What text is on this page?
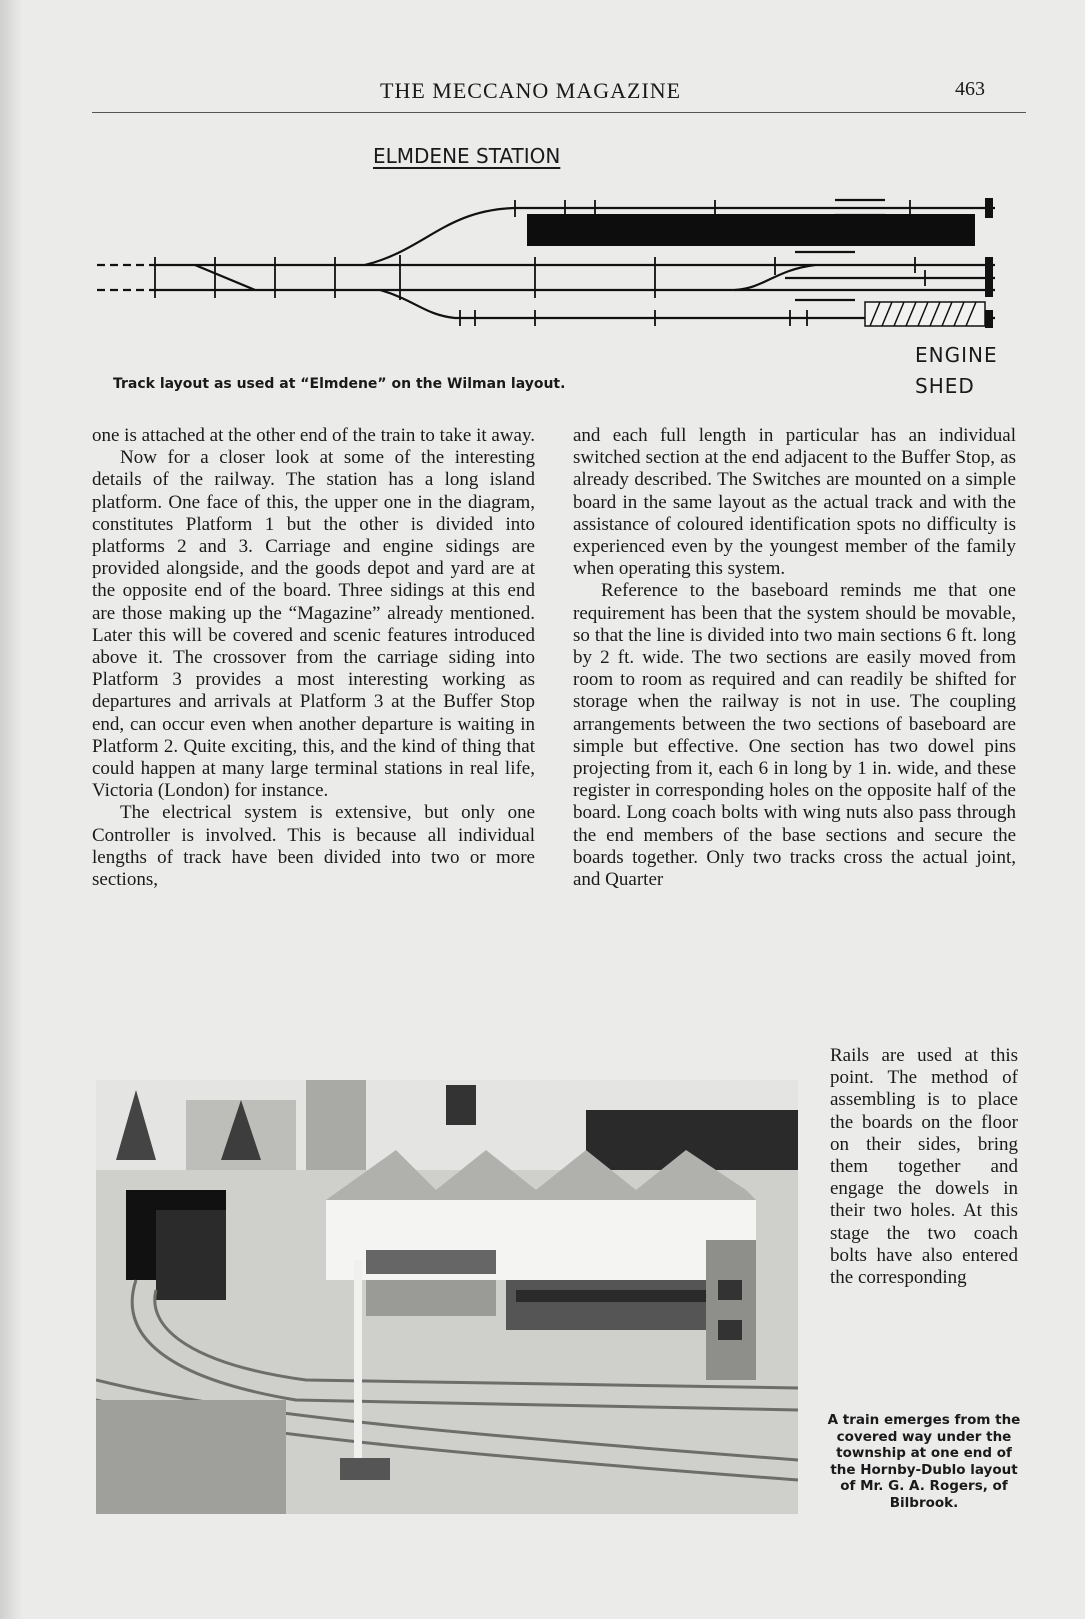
THE MECCANO MAGAZINE	463
ELMDENE STATION
ENGINE
SHED
Track layout as used at “Elmdene” on the Wilman layout.

one is attached at the other end of the train to take it away.

Now for a closer look at some of the interesting details of the railway. The station has a long island platform. One face of this, the upper one in the diagram, constitutes Platform 1 but the other is divided into platforms 2 and 3. Carriage and engine sidings are provided alongside, and the goods depot and yard are at the opposite end of the board. Three sidings at this end are those making up the “Magazine” already mentioned. Later this will be covered and scenic features introduced above it. The crossover from the carriage siding into Platform 3 provides a most interesting working as departures and arrivals at Platform 3 at the Buffer Stop end, can occur even when another departure is waiting in Platform 2. Quite exciting, this, and the kind of thing that could happen at many large terminal stations in real life, Victoria (London) for instance.

The electrical system is extensive, but only one Controller is involved. This is because all individual lengths of track have been divided into two or more sections,

and each full length in particular has an individual switched section at the end adjacent to the Buffer Stop, as already described. The Switches are mounted on a simple board in the same layout as the actual track and with the assistance of coloured identification spots no difficulty is experienced even by the youngest member of the family when operating this system.

Reference to the baseboard reminds me that one requirement has been that the system should be movable, so that the line is divided into two main sections 6 ft. long by 2 ft. wide. The two sections are easily moved from room to room as required and can readily be shifted for storage when the railway is not in use. The coupling arrangements between the two sections of baseboard are simple but effective. One section has two dowel pins projecting from it, each 6 in long by 1 in. wide, and these register in corresponding holes on the opposite half of the board. Long coach bolts with wing nuts also pass through the end members of the base sections and secure the boards together. Only two tracks cross the actual joint, and Quarter

Rails are used at this point. The method of assembling is to place the boards on the floor on their sides, bring them together and engage the dowels in their two holes. At this stage the two coach bolts have also entered the corresponding

A train emerges from the covered way under the township at one end of the Hornby-Dublo layout of Mr. G. A. Rogers, of Bilbrook.
